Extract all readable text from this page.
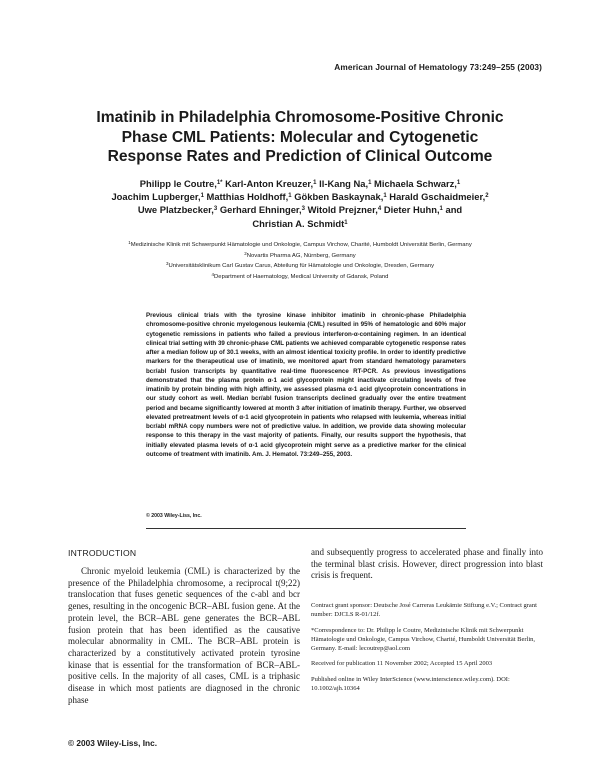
American Journal of Hematology 73:249–255 (2003)
Imatinib in Philadelphia Chromosome-Positive Chronic
Phase CML Patients: Molecular and Cytogenetic
Response Rates and Prediction of Clinical Outcome
Philipp le Coutre,$^{1*}$ Karl-Anton Kreuzer,$^1$ Il-Kang Na,$^1$ Michaela Schwarz,$^1$
Joachim Lupberger,$^1$ Matthias Holdhoff,$^1$ Gökben Baskaynak,$^1$ Harald Gschaidmeier,$^2$
Uwe Platzbecker,$^3$ Gerhard Ehninger,$^3$ Witold Prejzner,$^4$ Dieter Huhn,$^1$ and
Christian A. Schmidt$^1$
$^1$Medizinische Klinik mit Schwerpunkt Hämatologie und Onkologie, Campus Virchow, Charité, Humboldt Universität Berlin, Germany
$^2$Novartis Pharma AG, Nürnberg, Germany
$^3$Universitätsklinikum Carl Gustav Carus, Abteilung für Hämatologie und Onkologie, Dresden, Germany
$^4$Department of Haematology, Medical University of Gdansk, Poland
Previous clinical trials with the tyrosine kinase inhibitor imatinib in chronic-phase Philadelphia chromosome-positive chronic myelogenous leukemia (CML) resulted in 95% of hematologic and 60% major cytogenetic remissions in patients who failed a previous interferon-α-containing regimen. In an identical clinical trial setting with 39 chronic-phase CML patients we achieved comparable cytogenetic response rates after a median follow up of 30.1 weeks, with an almost identical toxicity profile. In order to identify predictive markers for the therapeutical use of imatinib, we monitored apart from standard hematology parameters bcr/abl fusion transcripts by quantitative real-time fluorescence RT-PCR. As previous investigations demonstrated that the plasma protein α-1 acid glycoprotein might inactivate circulating levels of free imatinib by protein binding with high affinity, we assessed plasma α-1 acid glycoprotein concentrations in our study cohort as well. Median bcr/abl fusion transcripts declined gradually over the entire treatment period and became significantly lowered at month 3 after initiation of imatinib therapy. Further, we observed elevated pretreatment levels of α-1 acid glycoprotein in patients who relapsed with leukemia, whereas initial bcr/abl mRNA copy numbers were not of predictive value. In addition, we provide data showing molecular response to this therapy in the vast majority of patients. Finally, our results support the hypothesis, that initially elevated plasma levels of α-1 acid glycoprotein might serve as a predictive marker for the clinical outcome of treatment with imatinib. Am. J. Hematol. 73:249–255, 2003.
© 2003 Wiley-Liss, Inc.
INTRODUCTION

Chronic myeloid leukemia (CML) is characterized by the presence of the Philadelphia chromosome, a reciprocal t(9;22) translocation that fuses genetic sequences of the c-abl and bcr genes, resulting in the oncogenic BCR–ABL fusion gene. At the protein level, the BCR–ABL gene generates the BCR–ABL fusion protein that has been identified as the causative molecular abnormality in CML. The BCR–ABL protein is characterized by a constitutively activated protein tyrosine kinase that is essential for the transformation of BCR–ABL-positive cells. In the majority of all cases, CML is a triphasic disease in which most patients are diagnosed in the chronic phase

and subsequently progress to accelerated phase and finally into the terminal blast crisis. However, direct progression into blast crisis is frequent.

Contract grant sponsor: Deutsche José Carreras Leukämie Stiftung e.V.; Contract grant number: DJCLS R-01/12f.

*Correspondence to: Dr. Philipp le Coutre, Medizinische Klinik mit Schwerpunkt Hämatologie und Onkologie, Campus Virchow, Charité, Humboldt Universität Berlin, Germany. E-mail: lecoutrep@aol.com

Received for publication 11 November 2002; Accepted 15 April 2003

Published online in Wiley InterScience (www.interscience.wiley.com). DOI: 10.1002/ajh.10364

© 2003 Wiley-Liss, Inc.
